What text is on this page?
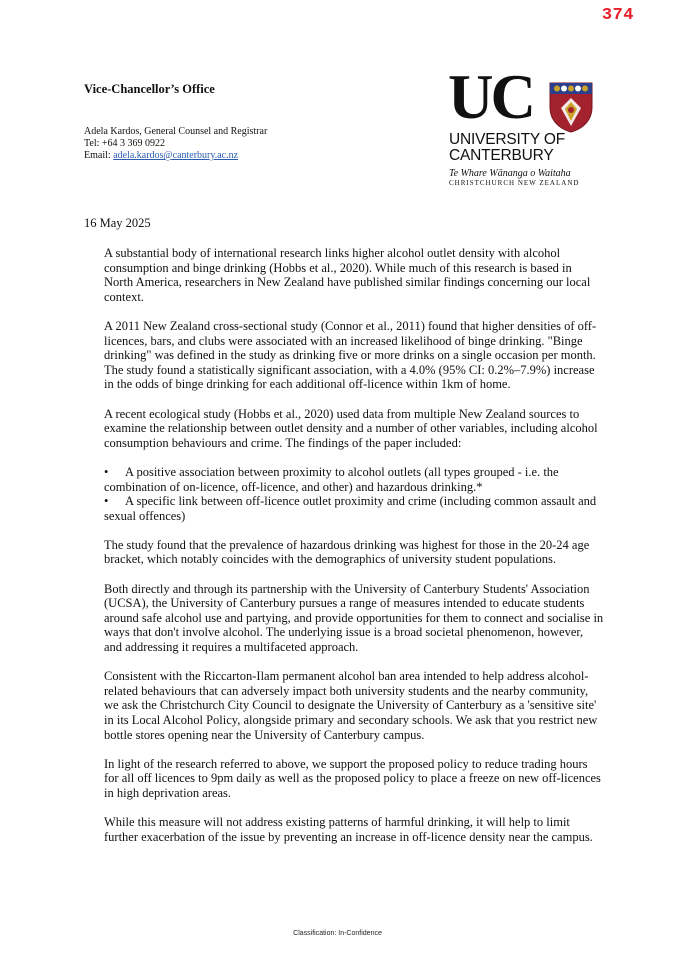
374
Vice-Chancellor’s Office
Adela Kardos, General Counsel and Registrar
Tel: +64 3 369 0922
Email: adela.kardos@canterbury.ac.nz
UC
UNIVERSITY OF
CANTERBURY
Te Whare Wānanga o Waitaha
CHRISTCHURCH NEW ZEALAND
16 May 2025

A substantial body of international research links higher alcohol outlet density with alcohol consumption and binge drinking (Hobbs et al., 2020). While much of this research is based in North America, researchers in New Zealand have published similar findings concerning our local context.

A 2011 New Zealand cross-sectional study (Connor et al., 2011) found that higher densities of off-licences, bars, and clubs were associated with an increased likelihood of binge drinking. "Binge drinking" was defined in the study as drinking five or more drinks on a single occasion per month. The study found a statistically significant association, with a 4.0% (95% CI: 0.2%–7.9%) increase in the odds of binge drinking for each additional off-licence within 1km of home.

A recent ecological study (Hobbs et al., 2020) used data from multiple New Zealand sources to examine the relationship between outlet density and a number of other variables, including alcohol consumption behaviours and crime. The findings of the paper included:

• A positive association between proximity to alcohol outlets (all types grouped - i.e. the combination of on-licence, off-licence, and other) and hazardous drinking.*
• A specific link between off-licence outlet proximity and crime (including common assault and sexual offences)

The study found that the prevalence of hazardous drinking was highest for those in the 20-24 age bracket, which notably coincides with the demographics of university student populations.

Both directly and through its partnership with the University of Canterbury Students' Association (UCSA), the University of Canterbury pursues a range of measures intended to educate students around safe alcohol use and partying, and provide opportunities for them to connect and socialise in ways that don't involve alcohol. The underlying issue is a broad societal phenomenon, however, and addressing it requires a multifaceted approach.

Consistent with the Riccarton-Ilam permanent alcohol ban area intended to help address alcohol-related behaviours that can adversely impact both university students and the nearby community, we ask the Christchurch City Council to designate the University of Canterbury as a 'sensitive site' in its Local Alcohol Policy, alongside primary and secondary schools. We ask that you restrict new bottle stores opening near the University of Canterbury campus.

In light of the research referred to above, we support the proposed policy to reduce trading hours for all off licences to 9pm daily as well as the proposed policy to place a freeze on new off-licences in high deprivation areas.

While this measure will not address existing patterns of harmful drinking, it will help to limit further exacerbation of the issue by preventing an increase in off-licence density near the campus.

Classification: In-Confidence
